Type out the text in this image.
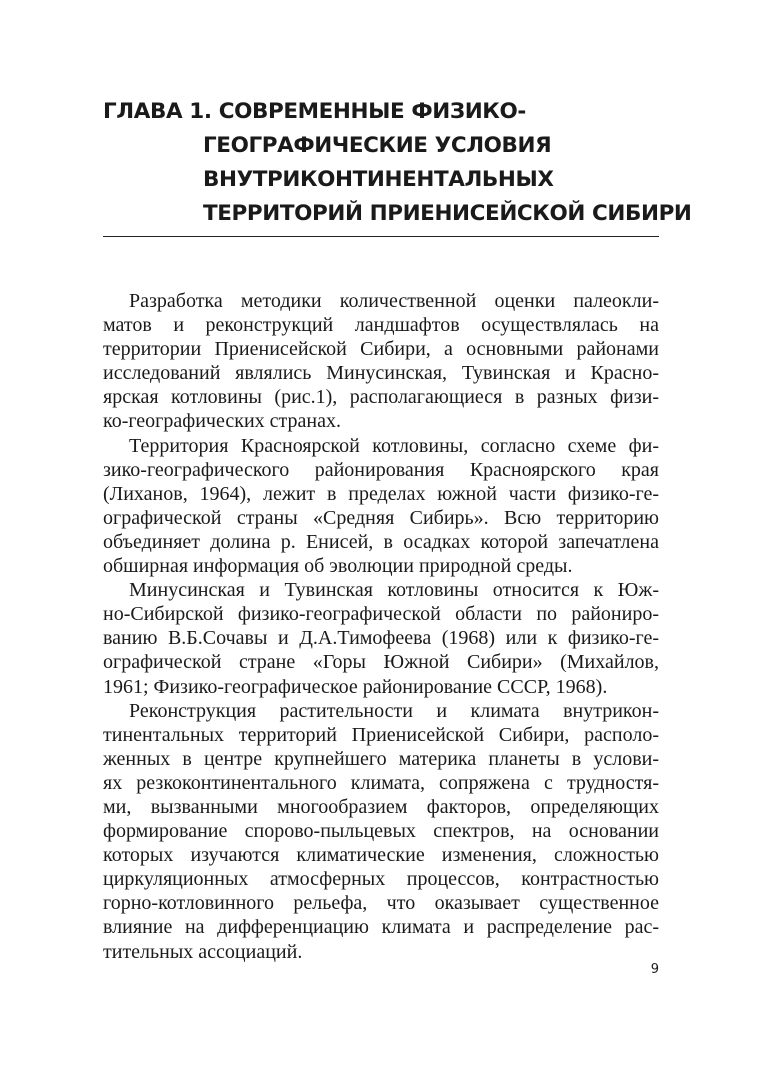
ГЛАВА 1. СОВРЕМЕННЫЕ ФИЗИКО-
ГЕОГРАФИЧЕСКИЕ УСЛОВИЯ
ВНУТРИКОНТИНЕНТАЛЬНЫХ
ТЕРРИТОРИЙ ПРИЕНИСЕЙСКОЙ СИБИРИ
Разработка методики количественной оценки палеокли-
матов и реконструкций ландшафтов осуществлялась на
территории Приенисейской Сибири, а основными районами
исследований являлись Минусинская, Тувинская и Красно-
ярская котловины (рис.1), располагающиеся в разных физи-
ко-географических странах.
Территория Красноярской котловины, согласно схеме фи-
зико-географического районирования Красноярского края
(Лиханов, 1964), лежит в пределах южной части физико-ге-
ографической страны «Средняя Сибирь». Всю территорию
объединяет долина р. Енисей, в осадках которой запечатлена
обширная информация об эволюции природной среды.
Минусинская и Тувинская котловины относится к Юж-
но-Сибирской физико-географической области по райониро-
ванию В.Б.Сочавы и Д.А.Тимофеева (1968) или к физико-ге-
ографической стране «Горы Южной Сибири» (Михайлов,
1961; Физико-географическое районирование СССР, 1968).
Реконструкция растительности и климата внутрикон-
тинентальных территорий Приенисейской Сибири, располо-
женных в центре крупнейшего материка планеты в услови-
ях резкоконтинентального климата, сопряжена с трудностя-
ми, вызванными многообразием факторов, определяющих
формирование спорово-пыльцевых спектров, на основании
которых изучаются климатические изменения, сложностью
циркуляционных атмосферных процессов, контрастностью
горно-котловинного рельефа, что оказывает существенное
влияние на дифференциацию климата и распределение рас-
тительных ассоциаций.
9
